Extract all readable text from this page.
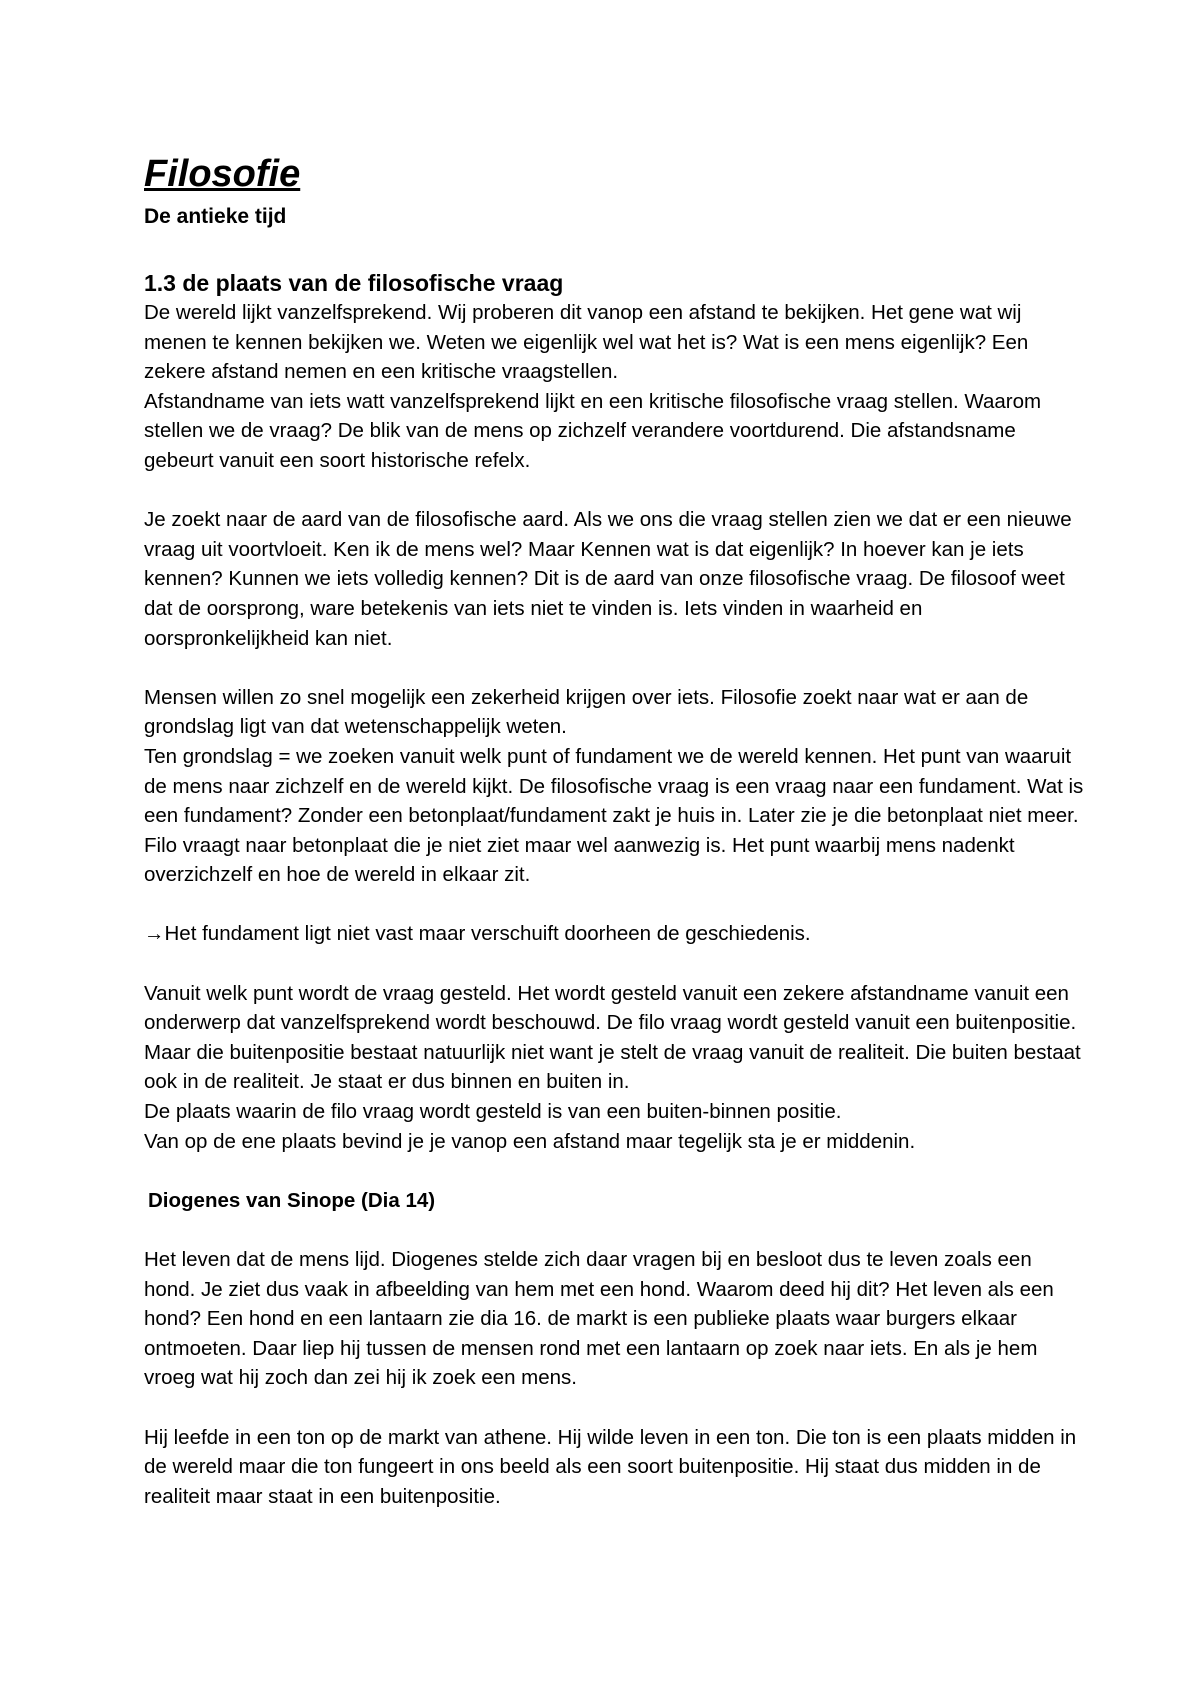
Filosofie
De antieke tijd
1.3 de plaats van de filosofische vraag

De wereld lijkt vanzelfsprekend. Wij proberen dit vanop een afstand te bekijken. Het gene wat wij menen te kennen bekijken we. Weten we eigenlijk wel wat het is? Wat is een mens eigenlijk? Een zekere afstand nemen en een kritische vraagstellen.

Afstandname van iets watt vanzelfsprekend lijkt en een kritische filosofische vraag stellen. Waarom stellen we de vraag? De blik van de mens op zichzelf verandere voortdurend. Die afstandsname gebeurt vanuit een soort historische refelx.

Je zoekt naar de aard van de filosofische aard. Als we ons die vraag stellen zien we dat er een nieuwe vraag uit voortvloeit. Ken ik de mens wel? Maar Kennen wat is dat eigenlijk? In hoever kan je iets kennen? Kunnen we iets volledig kennen? Dit is de aard van onze filosofische vraag. De filosoof weet dat de oorsprong, ware betekenis van iets niet te vinden is. Iets vinden in waarheid en oorspronkelijkheid kan niet.

Mensen willen zo snel mogelijk een zekerheid krijgen over iets. Filosofie zoekt naar wat er aan de grondslag ligt van dat wetenschappelijk weten.

Ten grondslag = we zoeken vanuit welk punt of fundament we de wereld kennen. Het punt van waaruit de mens naar zichzelf en de wereld kijkt. De filosofische vraag is een vraag naar een fundament. Wat is een fundament? Zonder een betonplaat/fundament zakt je huis in. Later zie je die betonplaat niet meer. Filo vraagt naar betonplaat die je niet ziet maar wel aanwezig is. Het punt waarbij mens nadenkt overzichzelf en hoe de wereld in elkaar zit.

→Het fundament ligt niet vast maar verschuift doorheen de geschiedenis.

Vanuit welk punt wordt de vraag gesteld. Het wordt gesteld vanuit een zekere afstandname vanuit een onderwerp dat vanzelfsprekend wordt beschouwd. De filo vraag wordt gesteld vanuit een buitenpositie.

Maar die buitenpositie bestaat natuurlijk niet want je stelt de vraag vanuit de realiteit. Die buiten bestaat ook in de realiteit. Je staat er dus binnen en buiten in.

De plaats waarin de filo vraag wordt gesteld is van een buiten-binnen positie.

Van op de ene plaats bevind je je vanop een afstand maar tegelijk sta je er middenin.

Diogenes van Sinope (Dia 14)

Het leven dat de mens lijd. Diogenes stelde zich daar vragen bij en besloot dus te leven zoals een hond. Je ziet dus vaak in afbeelding van hem met een hond. Waarom deed hij dit? Het leven als een hond? Een hond en een lantaarn zie dia 16. de markt is een publieke plaats waar burgers elkaar ontmoeten. Daar liep hij tussen de mensen rond met een lantaarn op zoek naar iets. En als je hem vroeg wat hij zoch dan zei hij ik zoek een mens.

Hij leefde in een ton op de markt van athene. Hij wilde leven in een ton. Die ton is een plaats midden in de wereld maar die ton fungeert in ons beeld als een soort buitenpositie. Hij staat dus midden in de realiteit maar staat in een buitenpositie.
